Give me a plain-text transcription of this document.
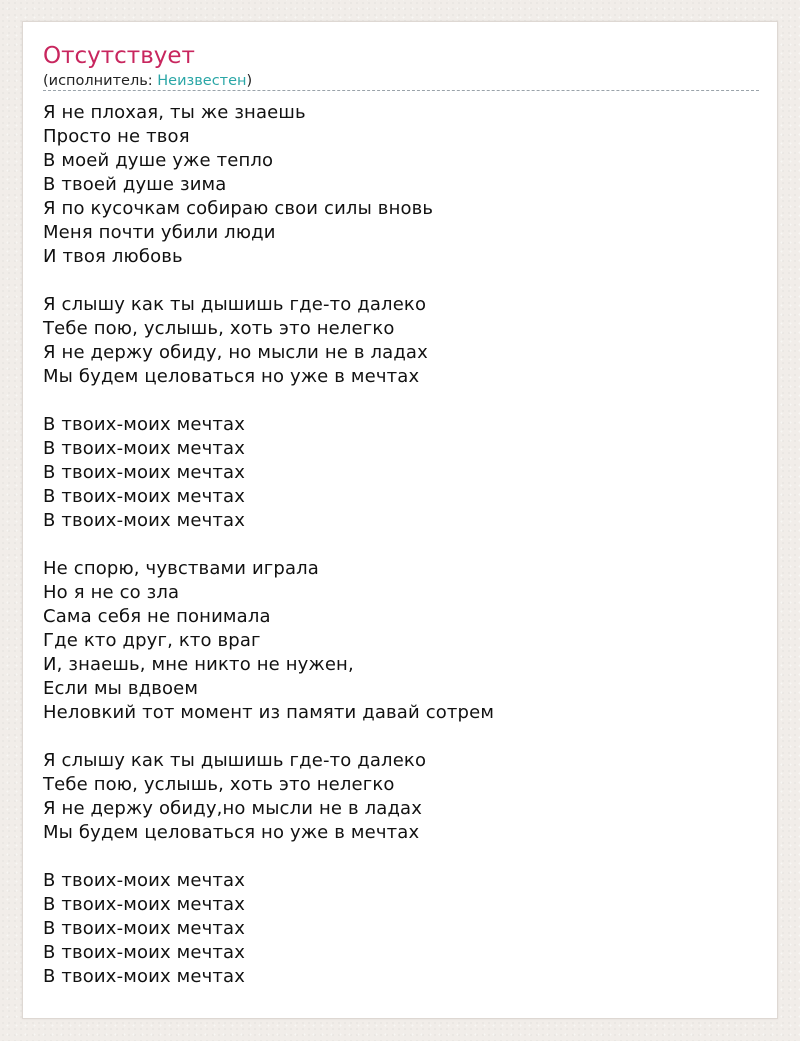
Отсутствует
(исполнитель: Неизвестен)
Я не плохая, ты же знаешь
Просто не твоя
В моей душе уже тепло
В твоей душе зима
Я по кусочкам собираю свои силы вновь
Меня почти убили люди
И твоя любовь
Я слышу как ты дышишь где-то далеко
Тебе пою, услышь, хоть это нелегко
Я не держу обиду, но мысли не в ладах
Мы будем целоваться но уже в мечтах
В твоих-моих мечтах
В твоих-моих мечтах
В твоих-моих мечтах
В твоих-моих мечтах
В твоих-моих мечтах
Не спорю, чувствами играла
Но я не со зла
Сама себя не понимала
Где кто друг, кто враг
И, знаешь, мне никто не нужен,
Если мы вдвоем
Неловкий тот момент из памяти давай сотрем
Я слышу как ты дышишь где-то далеко
Тебе пою, услышь, хоть это нелегко
Я не держу обиду,но мысли не в ладах
Мы будем целоваться но уже в мечтах
В твоих-моих мечтах
В твоих-моих мечтах
В твоих-моих мечтах
В твоих-моих мечтах
В твоих-моих мечтах
